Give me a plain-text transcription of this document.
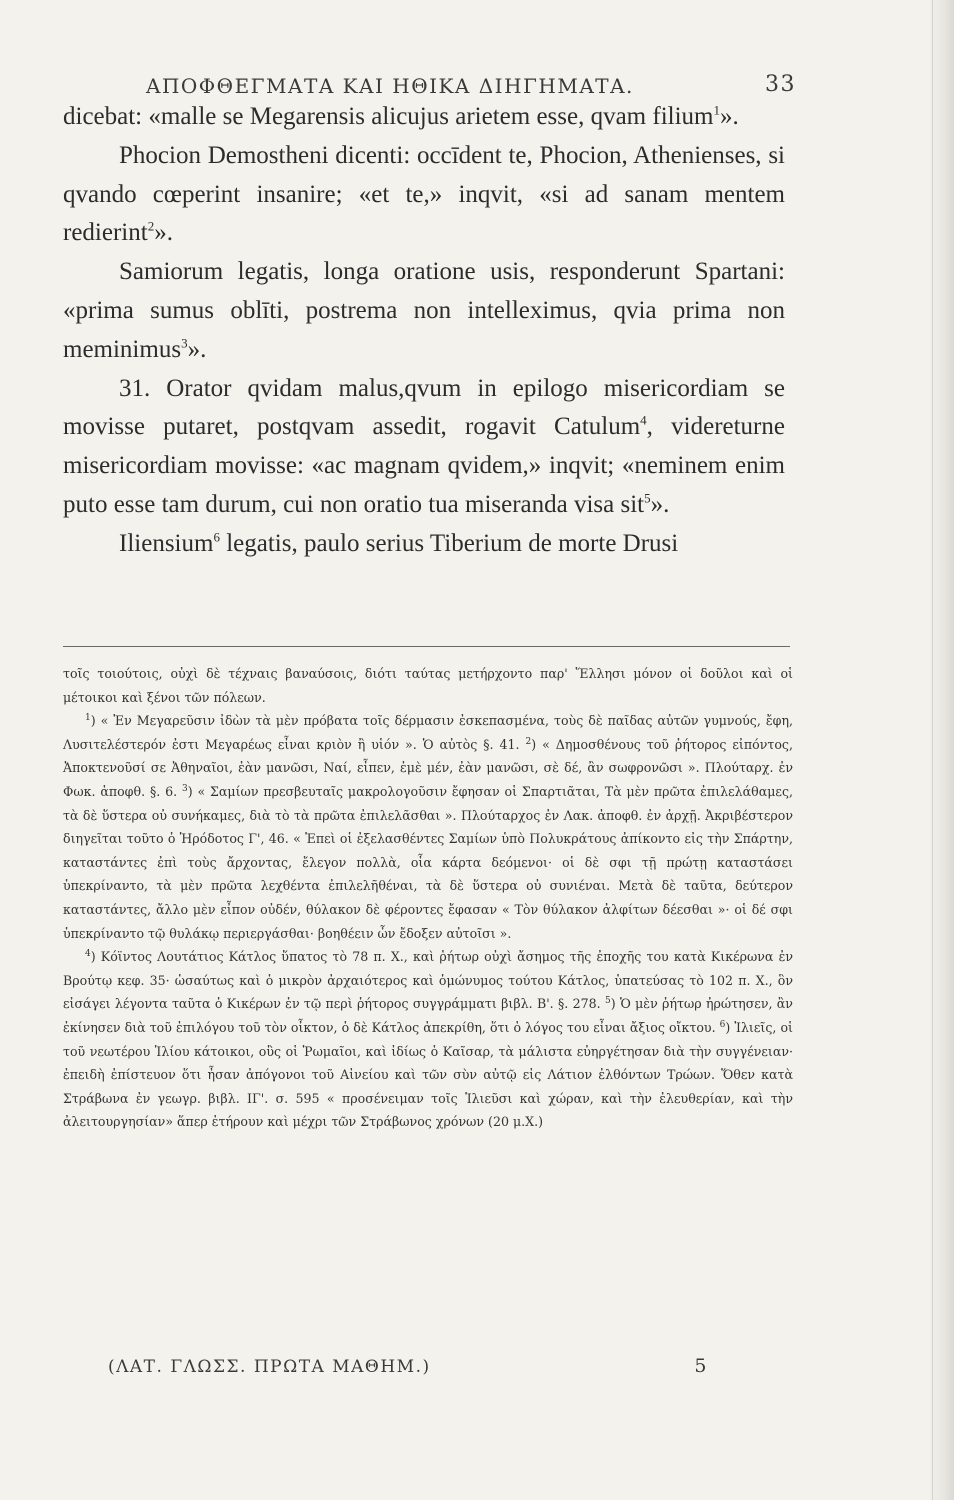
ΑΠΟΦΘΕΓΜΑΤΑ ΚΑΙ ΗΘΙΚΑ ΔΙΗΓΗΜΑΤΑ.	33

dicebat: «malle se Megarensis alicujus arietem esse, qvam filium$^1$».

Phocion Demostheni dicenti: occīdent te, Phocion, Athenienses, si qvando cœperint insanire; «et te,» inqvit, «si ad sanam mentem redierint$^2$».

Samiorum legatis, longa oratione usis, responderunt Spartani: «prima sumus oblīti, postrema non intelleximus, qvia prima non meminimus$^3$».

31. Orator qvidam malus,qvum in epilogo misericordiam se movisse putaret, postqvam assedit, rogavit Catulum$^4$, videreturne misericordiam movisse: «ac magnam qvidem,» inqvit; «neminem enim puto esse tam durum, cui non oratio tua miseranda visa sit$^5$».

Iliensium$^6$ legatis, paulo serius Tiberium de morte Drusi

τοῖς τοιούτοις, οὐχὶ δὲ τέχναις βαναύσοις, διότι ταύτας μετήρχοντο παρ' Ἕλλησι μόνον οἱ δοῦλοι καὶ οἱ μέτοικοι καὶ ξένοι τῶν πόλεων.

$^1$) « Ἐν Μεγαρεῦσιν ἰδὼν τὰ μὲν πρόβατα τοῖς δέρμασιν ἐσκεπασμένα, τοὺς δὲ παῖδας αὐτῶν γυμνούς, ἔφη, Λυσιτελέστερόν ἐστι Μεγαρέως εἶναι κριὸν ἢ υἱόν ». Ὁ αὐτὸς §. 41. $^2$) « Δημοσθένους τοῦ ῥήτορος εἰπόντος, Ἀποκτενοῦσί σε Ἀθηναῖοι, ἐὰν μανῶσι, Ναί, εἶπεν, ἐμὲ μέν, ἐὰν μανῶσι, σὲ δέ, ἂν σωφρονῶσι ». Πλούταρχ. ἐν Φωκ. ἀποφθ. §. 6. $^3$) « Σαμίων πρεσβευταῖς μακρολογοῦσιν ἔφησαν οἱ Σπαρτιᾶται, Τὰ μὲν πρῶτα ἐπιλελάθαμες, τὰ δὲ ὕστερα οὐ συνήκαμες, διὰ τὸ τὰ πρῶτα ἐπιλελᾶσθαι ». Πλούταρχος ἐν Λακ. ἀποφθ. ἐν ἀρχῇ. Ἀκριβέστερον διηγεῖται τοῦτο ὁ Ἡρόδοτος Γ', 46. « Ἐπεὶ οἱ ἐξελασθέντες Σαμίων ὑπὸ Πολυκράτους ἀπίκοντο εἰς τὴν Σπάρτην, καταστάντες ἐπὶ τοὺς ἄρχοντας, ἔλεγον πολλὰ, οἷα κάρτα δεόμενοι· οἱ δὲ σφι τῇ πρώτῃ καταστάσει ὑπεκρίναντο, τὰ μὲν πρῶτα λεχθέντα ἐπιλελῆθέναι, τὰ δὲ ὕστερα οὐ συνιέναι. Μετὰ δὲ ταῦτα, δεύτερον καταστάντες, ἄλλο μὲν εἶπον οὐδέν, θύλακον δὲ φέροντες ἔφασαν « Τὸν θύλακον ἀλφίτων δέεσθαι »· οἱ δέ σφι ὑπεκρίναντο τῷ θυλάκῳ περιεργάσθαι· βοηθέειν ὦν ἔδοξεν αὐτοῖσι ».

$^4$) Κόϊντος Λουτάτιος Κάτλος ὕπατος τὸ 78 π. Χ., καὶ ῥήτωρ οὐχὶ ἄσημος τῆς ἐποχῆς του κατὰ Κικέρωνα ἐν Βρούτῳ κεφ. 35· ὡσαύτως καὶ ὁ μικρὸν ἀρχαιότερος καὶ ὁμώνυμος τούτου Κάτλος, ὑπατεύσας τὸ 102 π. Χ., ὃν εἰσάγει λέγοντα ταῦτα ὁ Κικέρων ἐν τῷ περὶ ῥήτορος συγγράμματι βιβλ. Β'. §. 278. $^5$) Ὁ μὲν ῥήτωρ ἠρώτησεν, ἂν ἐκίνησεν διὰ τοῦ ἐπιλόγου τοῦ τὸν οἶκτον, ὁ δὲ Κάτλος ἀπεκρίθη, ὅτι ὁ λόγος του εἶναι ἄξιος οἴκτου. $^6$) Ἰλιεῖς, οἱ τοῦ νεωτέρου Ἰλίου κάτοικοι, οὓς οἱ Ῥωμαῖοι, καὶ ἰδίως ὁ Καῖσαρ, τὰ μάλιστα εὐηργέτησαν διὰ τὴν συγγένειαν· ἐπειδὴ ἐπίστευον ὅτι ἦσαν ἀπόγονοι τοῦ Αἰνείου καὶ τῶν σὺν αὐτῷ εἰς Λάτιον ἐλθόντων Τρώων. Ὅθεν κατὰ Στράβωνα ἐν γεωγρ. βιβλ. ΙΓ'. σ. 595 « προσένειμαν τοῖς Ἰλιεῦσι καὶ χώραν, καὶ τὴν ἐλευθερίαν, καὶ τὴν ἀλειτουργησίαν» ἅπερ ἐτήρουν καὶ μέχρι τῶν Στράβωνος χρόνων (20 μ.Χ.)

(ΛΑΤ. ΓΛΩΣΣ. ΠΡΩΤΑ ΜΑΘΗΜ.)	5
